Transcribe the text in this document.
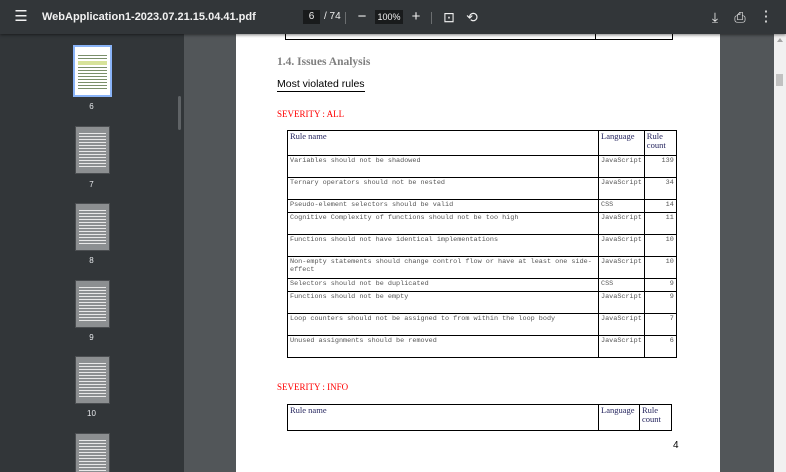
☰	WebApplication1-2023.07.21.15.04.41.pdf	6 / 74 − 100% + ⊡ ⟲	⤓	⎙ ⋮
6
7
8
9
10
1.4. Issues Analysis
Most violated rules
SEVERITY : ALL
Rule name	Language	Rule count
Variables should not be shadowed	JavaScript	139
Ternary operators should not be nested	JavaScript	34
Pseudo-element selectors should be valid	CSS	14
Cognitive Complexity of functions should not be too high	JavaScript	11
Functions should not have identical implementations	JavaScript	10
Non-empty statements should change control flow or have at least one side-effect	JavaScript	10
Selectors should not be duplicated	CSS	9
Functions should not be empty	JavaScript	9
Loop counters should not be assigned to from within the loop body	JavaScript	7
Unused assignments should be removed	JavaScript	6
SEVERITY : INFO
Rule name	Language	Rule count
4
